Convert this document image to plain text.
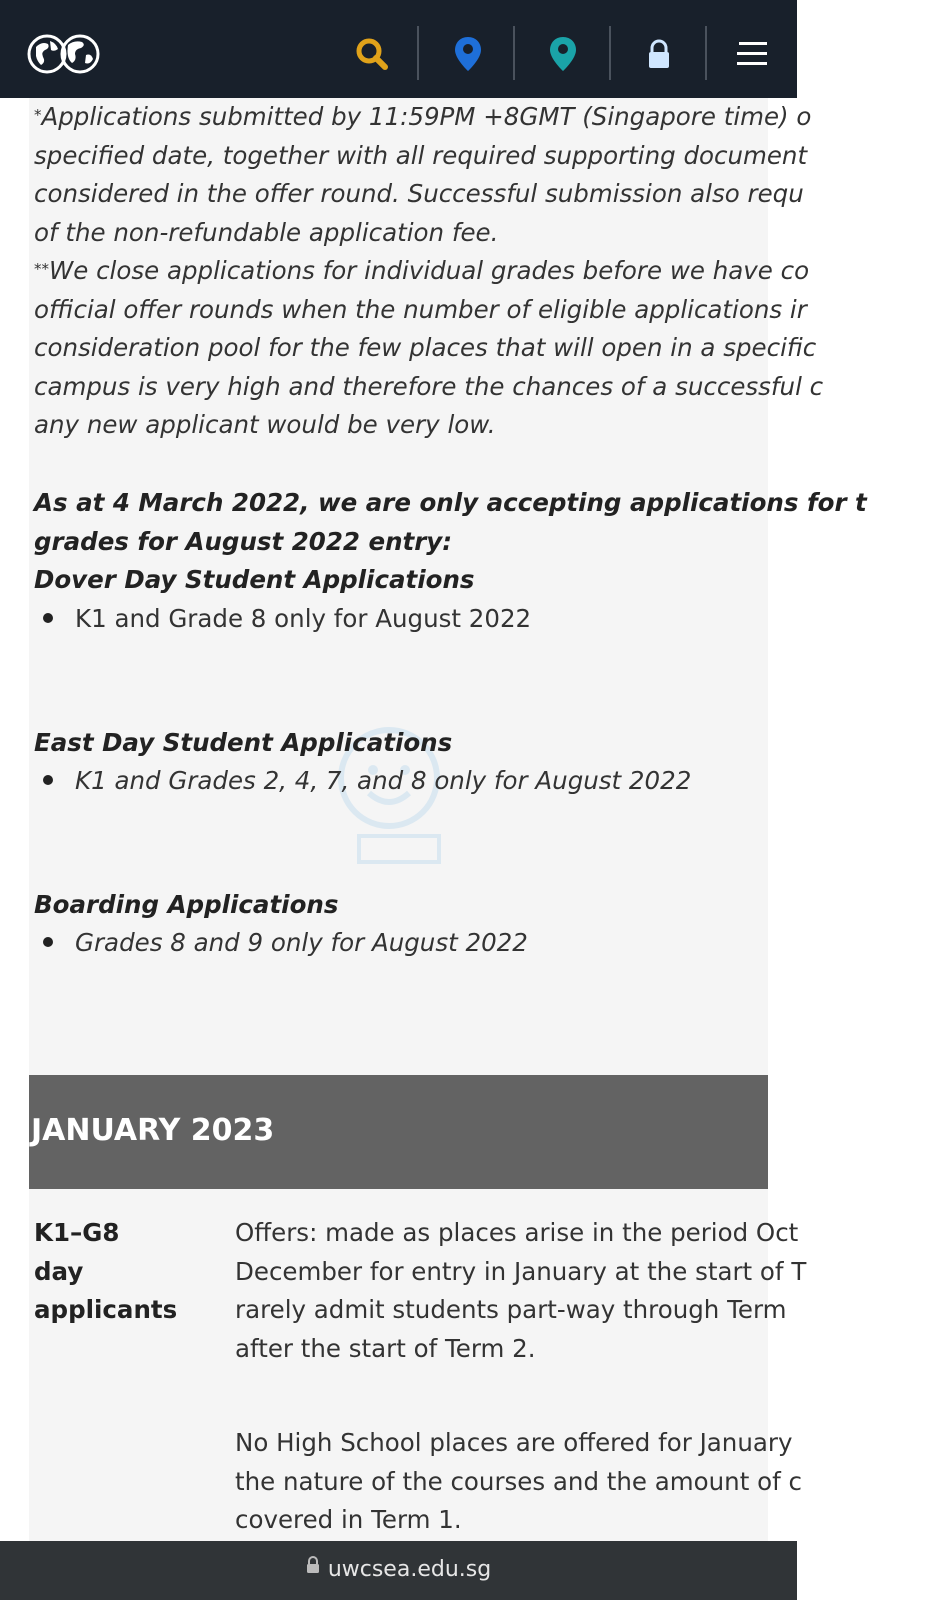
*Applications submitted by 11:59PM +8GMT (Singapore time) o

specified date, together with all required supporting document

considered in the offer round. Successful submission also requ

of the non-refundable application fee.

**We close applications for individual grades before we have co

official offer rounds when the number of eligible applications ir

consideration pool for the few places that will open in a specific

campus is very high and therefore the chances of a successful c

any new applicant would be very low.

As at 4 March 2022, we are only accepting applications for t
grades for August 2022 entry:
Dover Day Student Applications
K1 and Grade 8 only for August 2022
East Day Student Applications
K1 and Grades 2, 4, 7, and 8 only for August 2022
Boarding Applications
Grades 8 and 9 only for August 2022
JANUARY 2023
K1–G8
day
applicants
Offers: made as places arise in the period Oct
December for entry in January at the start of T
rarely admit students part-way through Term
after the start of Term 2.
No High School places are offered for January
the nature of the courses and the amount of c
covered in Term 1.
uwcsea.edu.sg
